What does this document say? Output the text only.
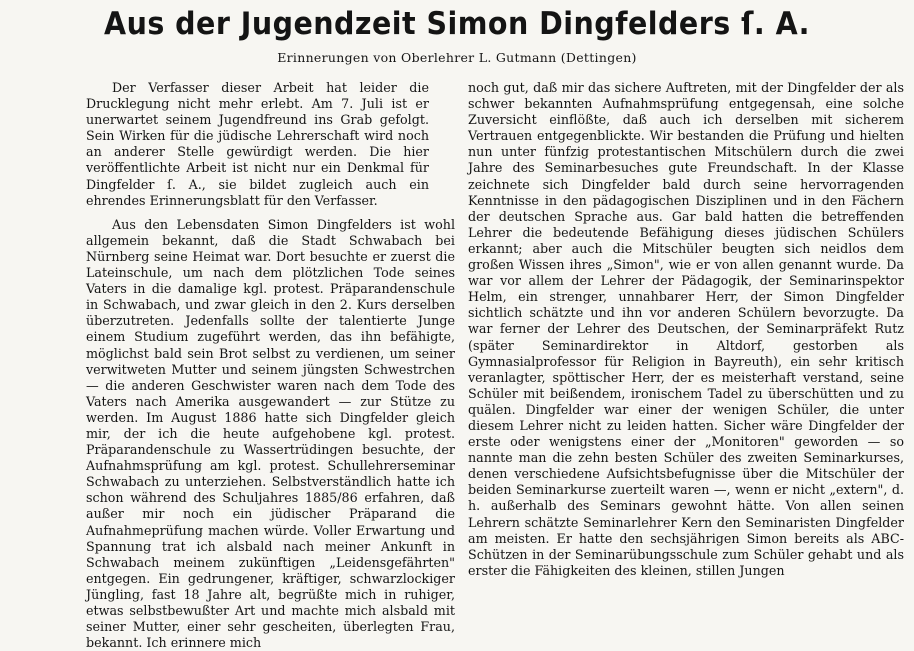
Aus der Jugendzeit Simon Dingfelders ſ. A.
Erinnerungen von Oberlehrer L. Gutmann (Dettingen)

Der Verfasser dieser Arbeit hat leider die Drucklegung nicht mehr erlebt. Am 7. Juli ist er unerwartet seinem Jugendfreund ins Grab gefolgt. Sein Wirken für die jüdische Lehrerschaft wird noch an anderer Stelle gewürdigt werden. Die hier veröffentlichte Arbeit ist nicht nur ein Denkmal für Dingfelder ſ. A., sie bildet zugleich auch ein ehrendes Erinnerungsblatt für den Verfasser.

Aus den Lebensdaten Simon Dingfelders ist wohl allgemein bekannt, daß die Stadt Schwabach bei Nürnberg seine Heimat war. Dort besuchte er zuerst die Lateinschule, um nach dem plötzlichen Tode seines Vaters in die damalige kgl. protest. Präparandenschule in Schwabach, und zwar gleich in den 2. Kurs derselben überzutreten. Jedenfalls sollte der talentierte Junge einem Studium zugeführt werden, das ihn befähigte, möglichst bald sein Brot selbst zu verdienen, um seiner verwitweten Mutter und seinem jüngsten Schwestrchen — die anderen Geschwister waren nach dem Tode des Vaters nach Amerika ausgewandert — zur Stütze zu werden. Im August 1886 hatte sich Dingfelder gleich mir, der ich die heute aufgehobene kgl. protest. Präparandenschule zu Wassertrüdingen besuchte, der Aufnahmsprüfung am kgl. protest. Schullehrerseminar Schwabach zu unterziehen. Selbstverständlich hatte ich schon während des Schuljahres 1885/86 erfahren, daß außer mir noch ein jüdischer Präparand die Aufnahmeprüfung machen würde. Voller Erwartung und Spannung trat ich alsbald nach meiner Ankunft in Schwabach meinem zukünftigen „Leidensgefährten" entgegen. Ein gedrungener, kräftiger, schwarzlockiger Jüngling, fast 18 Jahre alt, begrüßte mich in ruhiger, etwas selbstbewußter Art und machte mich alsbald mit seiner Mutter, einer sehr gescheiten, überlegten Frau, bekannt. Ich erinnere mich

noch gut, daß mir das sichere Auftreten, mit der Dingfelder der als schwer bekannten Aufnahmsprüfung entgegensah, eine solche Zuversicht einflößte, daß auch ich derselben mit sicherem Vertrauen entgegenblickte. Wir bestanden die Prüfung und hielten nun unter fünfzig protestantischen Mitschülern durch die zwei Jahre des Seminarbesuches gute Freundschaft. In der Klasse zeichnete sich Dingfelder bald durch seine hervorragenden Kenntnisse in den pädagogischen Disziplinen und in den Fächern der deutschen Sprache aus. Gar bald hatten die betreffenden Lehrer die bedeutende Befähigung dieses jüdischen Schülers erkannt; aber auch die Mitschüler beugten sich neidlos dem großen Wissen ihres „Simon", wie er von allen genannt wurde. Da war vor allem der Lehrer der Pädagogik, der Seminarinspektor Helm, ein strenger, unnahbarer Herr, der Simon Dingfelder sichtlich schätzte und ihn vor anderen Schülern bevorzugte. Da war ferner der Lehrer des Deutschen, der Seminarpräfekt Rutz (später Seminardirektor in Altdorf, gestorben als Gymnasialprofessor für Religion in Bayreuth), ein sehr kritisch veranlagter, spöttischer Herr, der es meisterhaft verstand, seine Schüler mit beißendem, ironischem Tadel zu überschütten und zu quälen. Dingfelder war einer der wenigen Schüler, die unter diesem Lehrer nicht zu leiden hatten. Sicher wäre Dingfelder der erste oder wenigstens einer der „Monitoren" geworden — so nannte man die zehn besten Schüler des zweiten Seminarkurses, denen verschiedene Aufsichtsbefugnisse über die Mitschüler der beiden Seminarkurse zuerteilt waren —, wenn er nicht „extern", d. h. außerhalb des Seminars gewohnt hätte. Von allen seinen Lehrern schätzte Seminarlehrer Kern den Seminaristen Dingfelder am meisten. Er hatte den sechsjährigen Simon bereits als ABC-Schützen in der Seminarübungsschule zum Schüler gehabt und als erster die Fähigkeiten des kleinen, stillen Jungen
